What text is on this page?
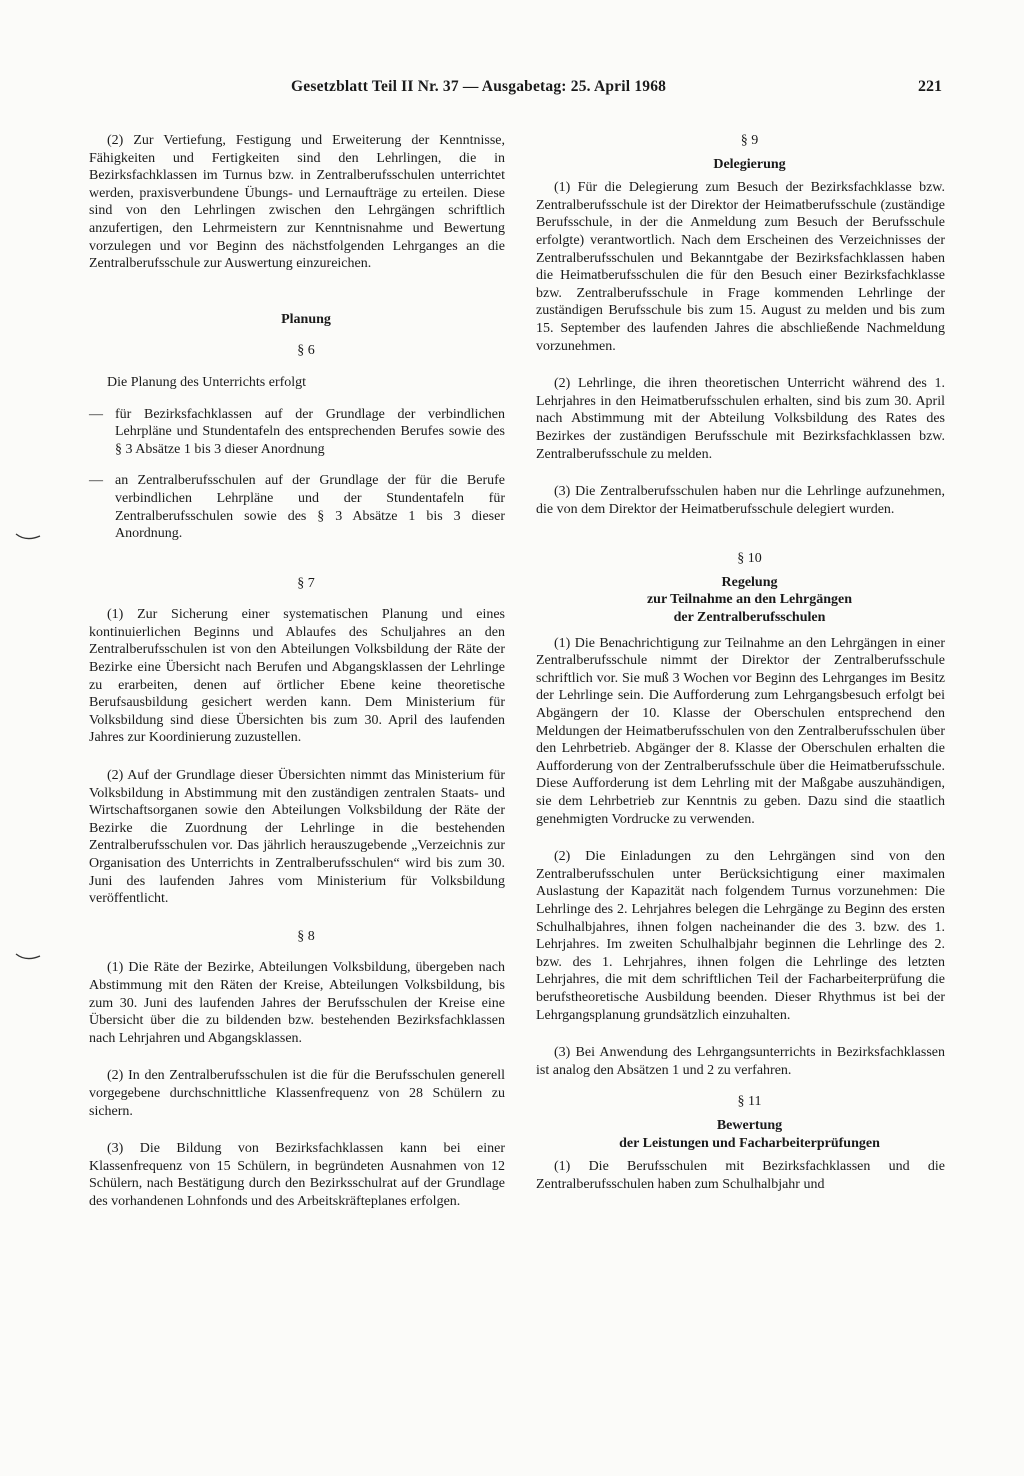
Gesetzblatt Teil II Nr. 37 — Ausgabetag: 25. April 1968	221

(2) Zur Vertiefung, Festigung und Erweiterung der Kenntnisse, Fähigkeiten und Fertigkeiten sind den Lehrlingen, die in Bezirksfachklassen im Turnus bzw. in Zentralberufsschulen unterrichtet werden, praxisverbundene Übungs- und Lernaufträge zu erteilen. Diese sind von den Lehrlingen zwischen den Lehrgängen schriftlich anzufertigen, den Lehrmeistern zur Kenntnisnahme und Bewertung vorzulegen und vor Beginn des nächstfolgenden Lehrganges an die Zentralberufsschule zur Auswertung einzureichen.

Planung

§ 6

Die Planung des Unterrichts erfolgt

— für Bezirksfachklassen auf der Grundlage der verbindlichen Lehrpläne und Stundentafeln des entsprechenden Berufes sowie des § 3 Absätze 1 bis 3 dieser Anordnung
— an Zentralberufsschulen auf der Grundlage der für die Berufe verbindlichen Lehrpläne und der Stundentafeln für Zentralberufsschulen sowie des § 3 Absätze 1 bis 3 dieser Anordnung.

§ 7

(1) Zur Sicherung einer systematischen Planung und eines kontinuierlichen Beginns und Ablaufes des Schuljahres an den Zentralberufsschulen ist von den Abteilungen Volksbildung der Räte der Bezirke eine Übersicht nach Berufen und Abgangsklassen der Lehrlinge zu erarbeiten, denen auf örtlicher Ebene keine theoretische Berufsausbildung gesichert werden kann. Dem Ministerium für Volksbildung sind diese Übersichten bis zum 30. April des laufenden Jahres zur Koordinierung zuzustellen.

(2) Auf der Grundlage dieser Übersichten nimmt das Ministerium für Volksbildung in Abstimmung mit den zuständigen zentralen Staats- und Wirtschaftsorganen sowie den Abteilungen Volksbildung der Räte der Bezirke die Zuordnung der Lehrlinge in die bestehenden Zentralberufsschulen vor. Das jährlich herauszugebende „Verzeichnis zur Organisation des Unterrichts in Zentralberufsschulen“ wird bis zum 30. Juni des laufenden Jahres vom Ministerium für Volksbildung veröffentlicht.

§ 8

(1) Die Räte der Bezirke, Abteilungen Volksbildung, übergeben nach Abstimmung mit den Räten der Kreise, Abteilungen Volksbildung, bis zum 30. Juni des laufenden Jahres der Berufsschulen der Kreise eine Übersicht über die zu bildenden bzw. bestehenden Bezirksfachklassen nach Lehrjahren und Abgangsklassen.

(2) In den Zentralberufsschulen ist die für die Berufsschulen generell vorgegebene durchschnittliche Klassenfrequenz von 28 Schülern zu sichern.

(3) Die Bildung von Bezirksfachklassen kann bei einer Klassenfrequenz von 15 Schülern, in begründeten Ausnahmen von 12 Schülern, nach Bestätigung durch den Bezirksschulrat auf der Grundlage des vorhandenen Lohnfonds und des Arbeitskräfteplanes erfolgen.

§ 9

Delegierung

(1) Für die Delegierung zum Besuch der Bezirksfachklasse bzw. Zentralberufsschule ist der Direktor der Heimatberufsschule (zuständige Berufsschule, in der die Anmeldung zum Besuch der Berufsschule erfolgte) verantwortlich. Nach dem Erscheinen des Verzeichnisses der Zentralberufsschulen und Bekanntgabe der Bezirksfachklassen haben die Heimatberufsschulen die für den Besuch einer Bezirksfachklasse bzw. Zentralberufsschule in Frage kommenden Lehrlinge der zuständigen Berufsschule bis zum 15. August zu melden und bis zum 15. September des laufenden Jahres die abschließende Nachmeldung vorzunehmen.

(2) Lehrlinge, die ihren theoretischen Unterricht während des 1. Lehrjahres in den Heimatberufsschulen erhalten, sind bis zum 30. April nach Abstimmung mit der Abteilung Volksbildung des Rates des Bezirkes der zuständigen Berufsschule mit Bezirksfachklassen bzw. Zentralberufsschule zu melden.

(3) Die Zentralberufsschulen haben nur die Lehrlinge aufzunehmen, die von dem Direktor der Heimatberufsschule delegiert wurden.

§ 10

Regelung

zur Teilnahme an den Lehrgängen

der Zentralberufsschulen

(1) Die Benachrichtigung zur Teilnahme an den Lehrgängen in einer Zentralberufsschule nimmt der Direktor der Zentralberufsschule schriftlich vor. Sie muß 3 Wochen vor Beginn des Lehrganges im Besitz der Lehrlinge sein. Die Aufforderung zum Lehrgangsbesuch erfolgt bei Abgängern der 10. Klasse der Oberschulen entsprechend den Meldungen der Heimatberufsschulen von den Zentralberufsschulen über den Lehrbetrieb. Abgänger der 8. Klasse der Oberschulen erhalten die Aufforderung von der Zentralberufsschule über die Heimatberufsschule. Diese Aufforderung ist dem Lehrling mit der Maßgabe auszuhändigen, sie dem Lehrbetrieb zur Kenntnis zu geben. Dazu sind die staatlich genehmigten Vordrucke zu verwenden.

(2) Die Einladungen zu den Lehrgängen sind von den Zentralberufsschulen unter Berücksichtigung einer maximalen Auslastung der Kapazität nach folgendem Turnus vorzunehmen: Die Lehrlinge des 2. Lehrjahres belegen die Lehrgänge zu Beginn des ersten Schulhalbjahres, ihnen folgen nacheinander die des 3. bzw. des 1. Lehrjahres. Im zweiten Schulhalbjahr beginnen die Lehrlinge des 2. bzw. des 1. Lehrjahres, ihnen folgen die Lehrlinge des letzten Lehrjahres, die mit dem schriftlichen Teil der Facharbeiterprüfung die berufstheoretische Ausbildung beenden. Dieser Rhythmus ist bei der Lehrgangsplanung grundsätzlich einzuhalten.

(3) Bei Anwendung des Lehrgangsunterrichts in Bezirksfachklassen ist analog den Absätzen 1 und 2 zu verfahren.

§ 11

Bewertung

der Leistungen und Facharbeiterprüfungen

(1) Die Berufsschulen mit Bezirksfachklassen und die Zentralberufsschulen haben zum Schulhalbjahr und
